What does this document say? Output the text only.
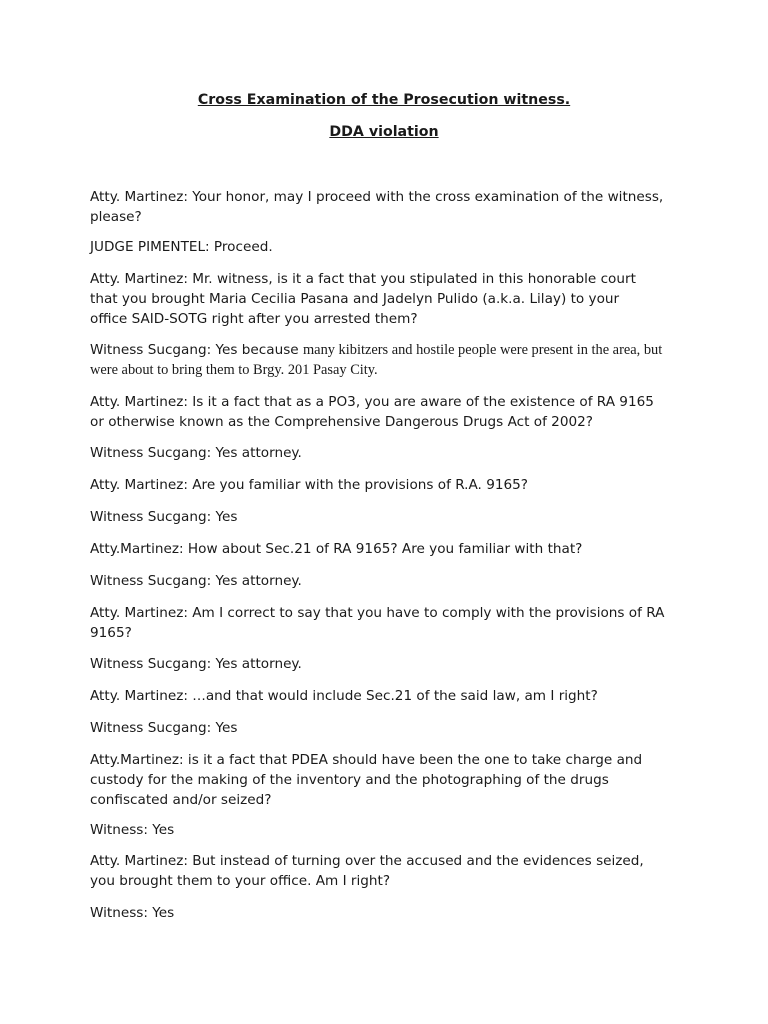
Cross Examination of the Prosecution witness.
DDA violation

Atty. Martinez: Your honor, may I proceed with the cross examination of the witness,
please?

JUDGE PIMENTEL: Proceed.

Atty. Martinez: Mr. witness, is it a fact that you stipulated in this honorable court
that you brought Maria Cecilia Pasana and Jadelyn Pulido (a.k.a. Lilay) to your
office SAID-SOTG right after you arrested them?

Witness Sucgang: Yes because many kibitzers and hostile people were present in the area, but
were about to bring them to Brgy. 201 Pasay City.

Atty. Martinez: Is it a fact that as a PO3, you are aware of the existence of RA 9165
or otherwise known as the Comprehensive Dangerous Drugs Act of 2002?

Witness Sucgang: Yes attorney.

Atty. Martinez: Are you familiar with the provisions of R.A. 9165?

Witness Sucgang: Yes

Atty.Martinez: How about Sec.21 of RA 9165? Are you familiar with that?

Witness Sucgang: Yes attorney.

Atty. Martinez: Am I correct to say that you have to comply with the provisions of RA
9165?

Witness Sucgang: Yes attorney.

Atty. Martinez: …and that would include Sec.21 of the said law, am I right?

Witness Sucgang: Yes

Atty.Martinez: is it a fact that PDEA should have been the one to take charge and
custody for the making of the inventory and the photographing of the drugs
confiscated and/or seized?

Witness: Yes

Atty. Martinez: But instead of turning over the accused and the evidences seized,
you brought them to your office. Am I right?

Witness: Yes
